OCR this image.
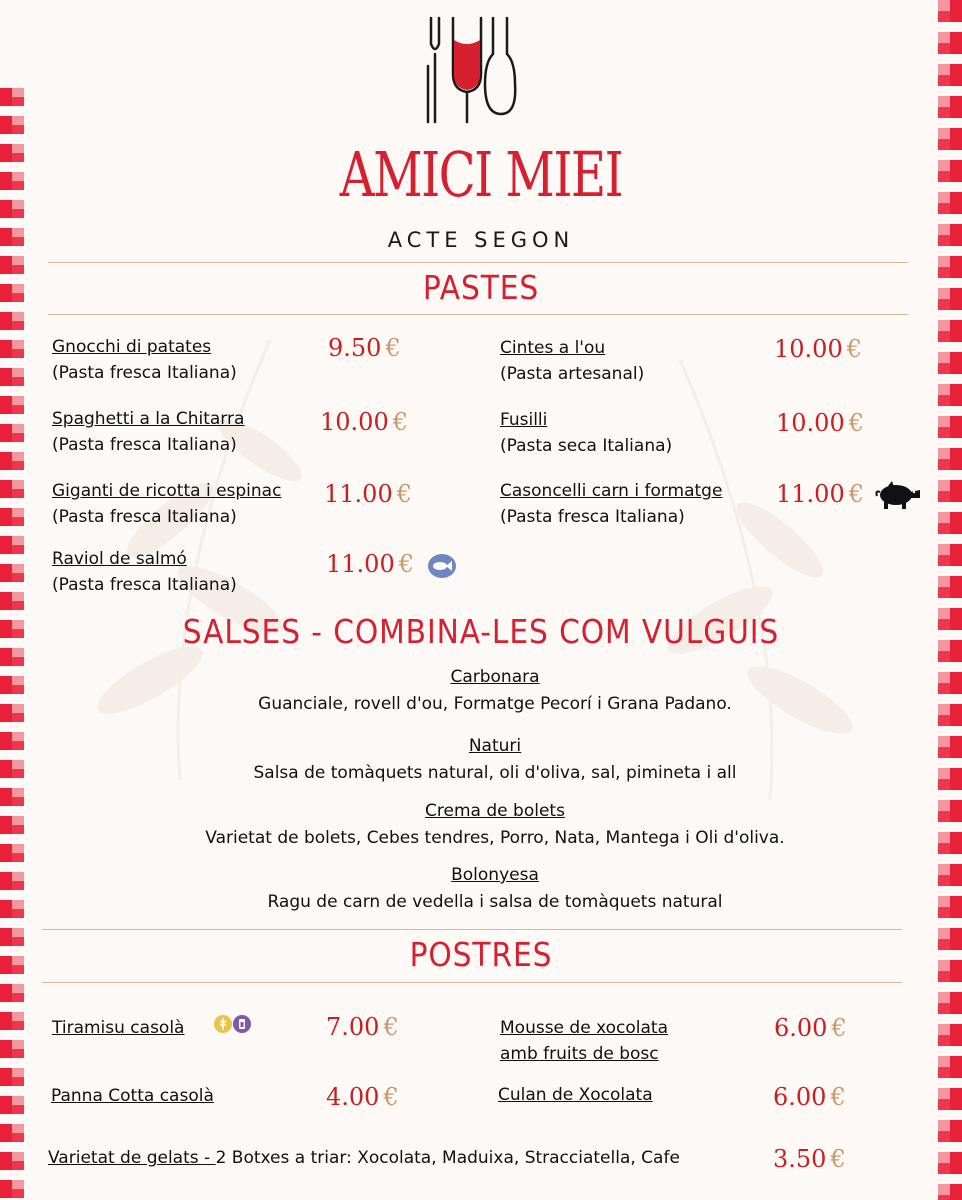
AMICI MIEI
ACTE SEGON
PASTES
Gnocchi di patates
(Pasta fresca Italiana)
9.50 €
Spaghetti a la Chitarra
(Pasta fresca Italiana)
10.00 €
Giganti de ricotta i espinac
(Pasta fresca Italiana)
11.00 €
Raviol de salmó
(Pasta fresca Italiana)
11.00 €
Cintes a l'ou
(Pasta artesanal)
10.00 €
Fusilli
(Pasta seca Italiana)
10.00 €
Casoncelli carn i formatge
(Pasta fresca Italiana)
11.00 €
SALSES - COMBINA-LES COM VULGUIS
Carbonara
Guanciale, rovell d'ou, Formatge Pecorí i Grana Padano.
Naturi
Salsa de tomàquets natural, oli d'oliva, sal, pimineta i all
Crema de bolets
Varietat de bolets, Cebes tendres, Porro, Nata, Mantega i Oli d'oliva.
Bolonyesa
Ragu de carn de vedella i salsa de tomàquets natural
POSTRES
Tiramisu casolà	7.00 €
Panna Cotta casolà	4.00 €
Mousse de xocolata
amb fruits de bosc
6.00 €
Culan de Xocolata	6.00 €
Varietat de gelats - 2 Botxes a triar: Xocolata, Maduixa, Stracciatella, Cafe	3.50 €
